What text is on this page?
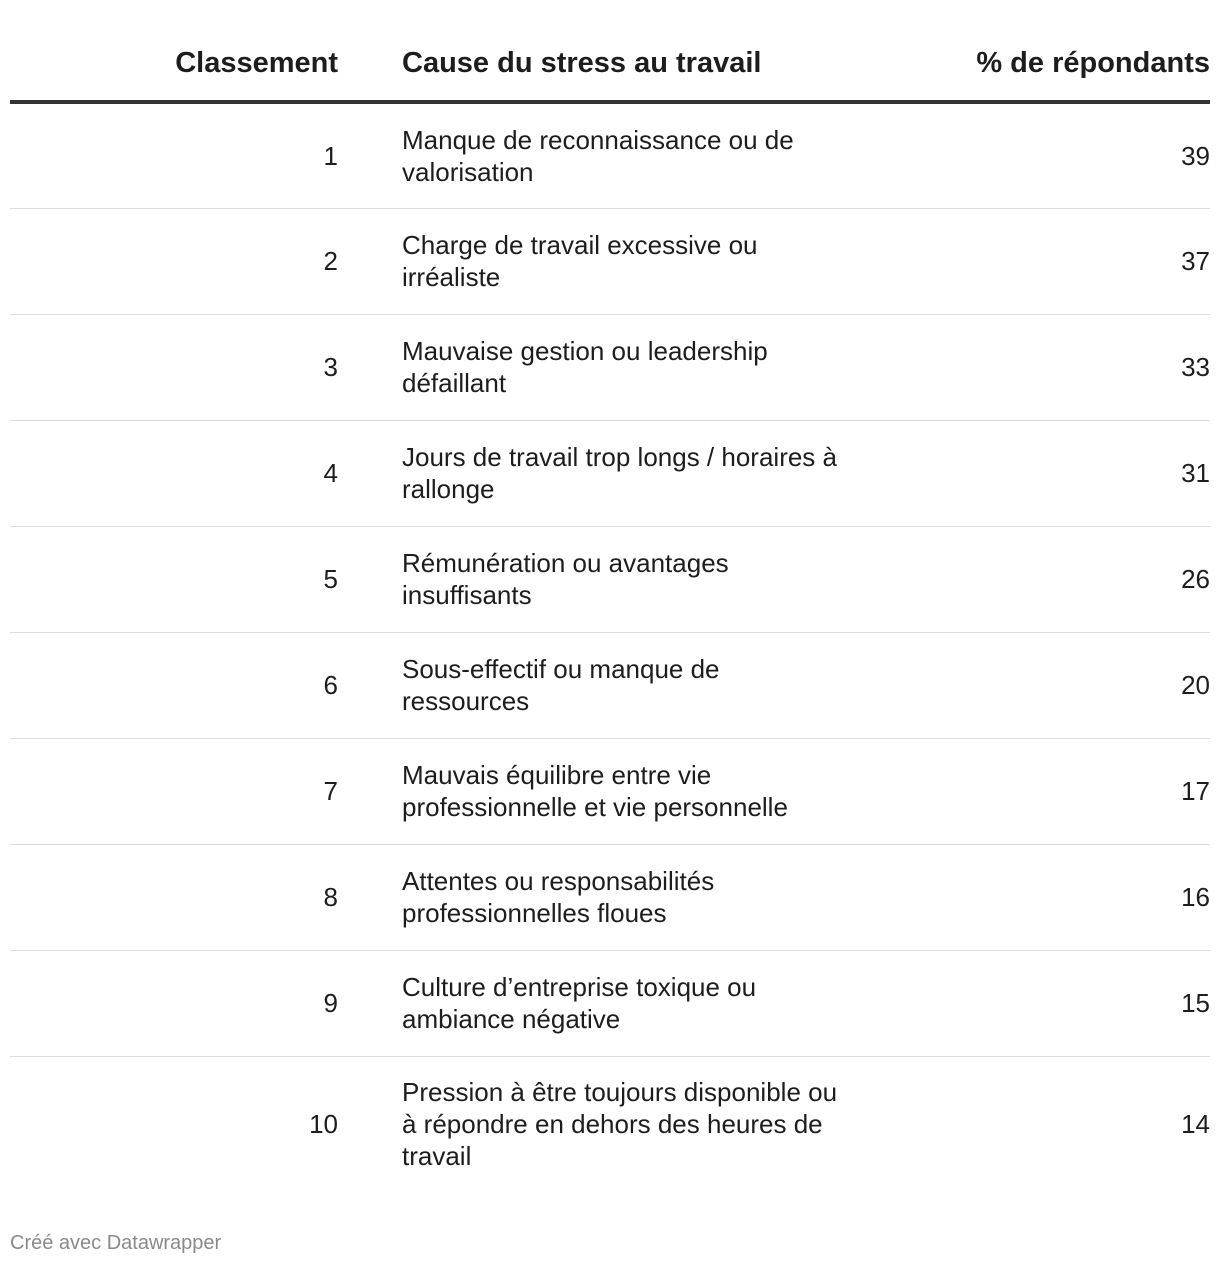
Classement		Cause du stress au travail	% de répondants
1		Manque de reconnaissance ou de valorisation	39
2		Charge de travail excessive ou irréaliste	37
3		Mauvaise gestion ou leadership défaillant	33
4		Jours de travail trop longs / horaires à rallonge	31
5		Rémunération ou avantages insuffisants	26
6		Sous-effectif ou manque de ressources	20
7		Mauvais équilibre entre vie professionnelle et vie personnelle	17
8		Attentes ou responsabilités professionnelles floues	16
9		Culture d’entreprise toxique ou ambiance négative	15
10		Pression à être toujours disponible ou à répondre en dehors des heures de travail	14
Créé avec Datawrapper
